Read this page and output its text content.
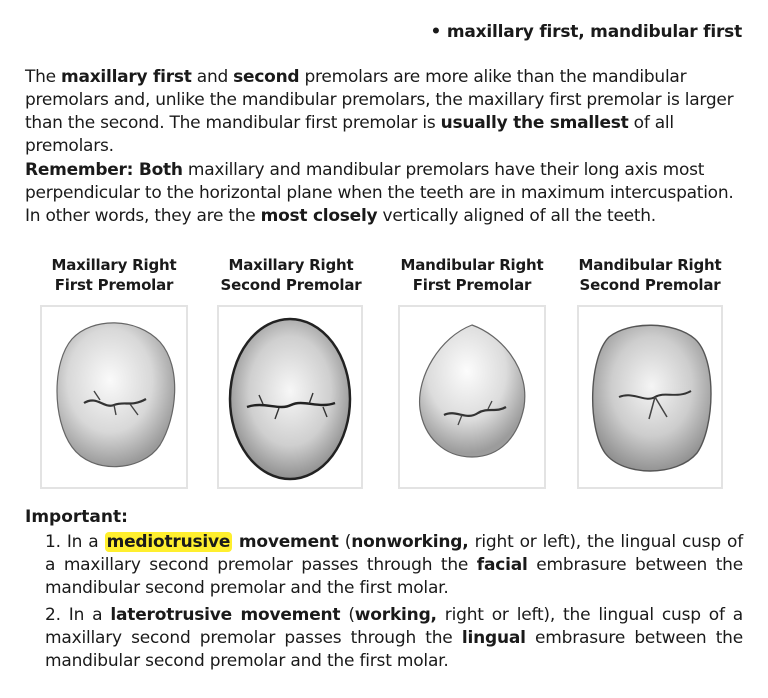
• maxillary first, mandibular first
The maxillary first and second premolars are more alike than the mandibular premolars and, unlike the mandibular premolars, the maxillary first premolar is larger than the second. The mandibular first premolar is usually the smallest of all premolars.
Remember: Both maxillary and mandibular premolars have their long axis most perpendicular to the horizontal plane when the teeth are in maximum intercuspation. In other words, they are the most closely vertically aligned of all the teeth.
Maxillary Right
First Premolar
Maxillary Right
Second Premolar
Mandibular Right
First Premolar
Mandibular Right
Second Premolar
Important:
1. In a mediotrusive movement (nonworking, right or left), the lingual cusp of a maxillary second premolar passes through the facial embrasure between the mandibular second premolar and the first molar.
2. In a laterotrusive movement (working, right or left), the lingual cusp of a maxillary second premolar passes through the lingual embrasure between the mandibular second premolar and the first molar.
